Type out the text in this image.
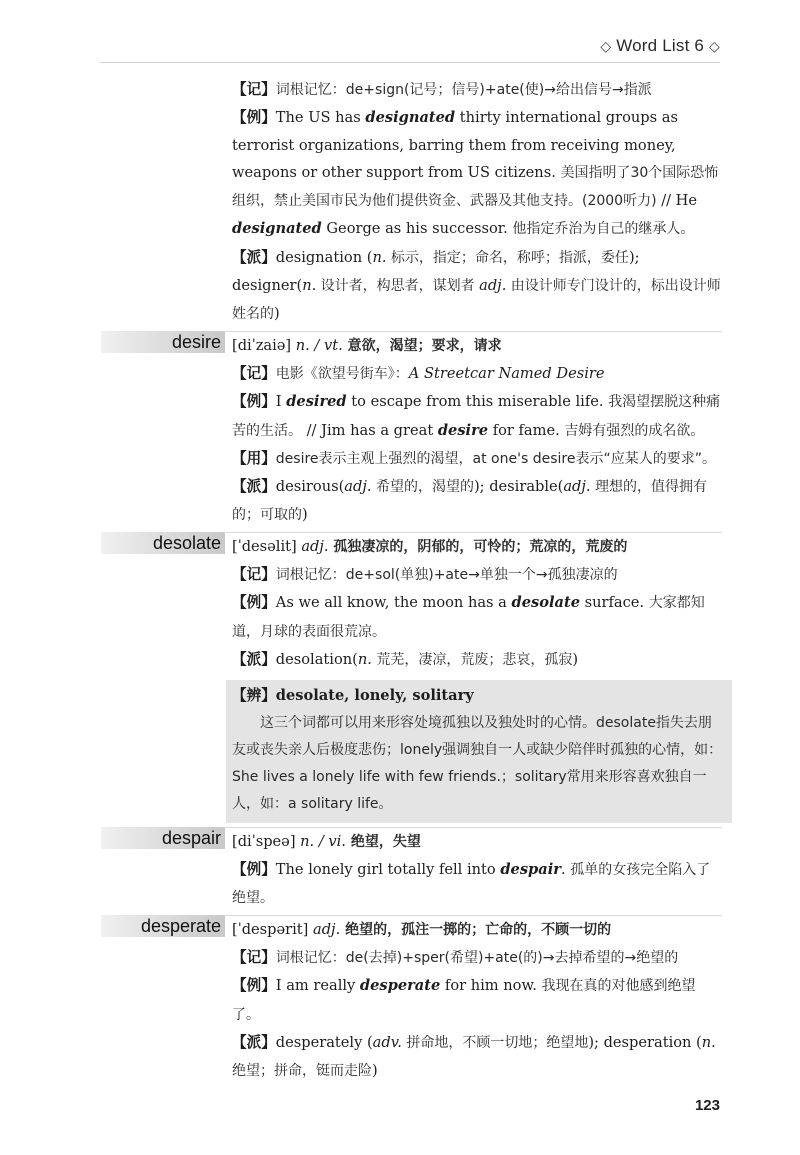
◇ Word List 6 ◇

【记】词根记忆：de+sign(记号；信号)+ate(使)→给出信号→指派

【例】The US has designated thirty international groups as terrorist organizations, barring them from receiving money, weapons or other support from US citizens. 美国指明了30个国际恐怖组织，禁止美国市民为他们提供资金、武器及其他支持。(2000听力) // He designated George as his successor. 他指定乔治为自己的继承人。

【派】designation (n. 标示，指定；命名，称呼；指派，委任); designer(n. 设计者，构思者，谋划者 adj. 由设计师专门设计的，标出设计师姓名的)

desire [diˈzaiə] n. / vt. 意欲，渴望；要求，请求

【记】电影《欲望号街车》：A Streetcar Named Desire

【例】I desired to escape from this miserable life. 我渴望摆脱这种痛苦的生活。 // Jim has a great desire for fame. 吉姆有强烈的成名欲。

【用】desire表示主观上强烈的渴望，at one's desire表示“应某人的要求”。

【派】desirous(adj. 希望的，渴望的); desirable(adj. 理想的，值得拥有的；可取的)

desolate [ˈdesəlit] adj. 孤独凄凉的，阴郁的，可怜的；荒凉的，荒废的

【记】词根记忆：de+sol(单独)+ate→单独一个→孤独凄凉的

【例】As we all know, the moon has a desolate surface. 大家都知道，月球的表面很荒凉。

【派】desolation(n. 荒芜，凄凉，荒废；悲哀，孤寂)

【辨】desolate, lonely, solitary

这三个词都可以用来形容处境孤独以及独处时的心情。desolate指失去朋友或丧失亲人后极度悲伤；lonely强调独自一人或缺少陪伴时孤独的心情，如：She lives a lonely life with few friends.；solitary常用来形容喜欢独自一人，如：a solitary life。

despair [diˈspeə] n. / vi. 绝望，失望

【例】The lonely girl totally fell into despair. 孤单的女孩完全陷入了绝望。

desperate [ˈdespərit] adj. 绝望的，孤注一掷的；亡命的，不顾一切的

【记】词根记忆：de(去掉)+sper(希望)+ate(的)→去掉希望的→绝望的

【例】I am really desperate for him now. 我现在真的对他感到绝望了。

【派】desperately (adv. 拼命地，不顾一切地；绝望地); desperation (n. 绝望；拼命，铤而走险)

123
